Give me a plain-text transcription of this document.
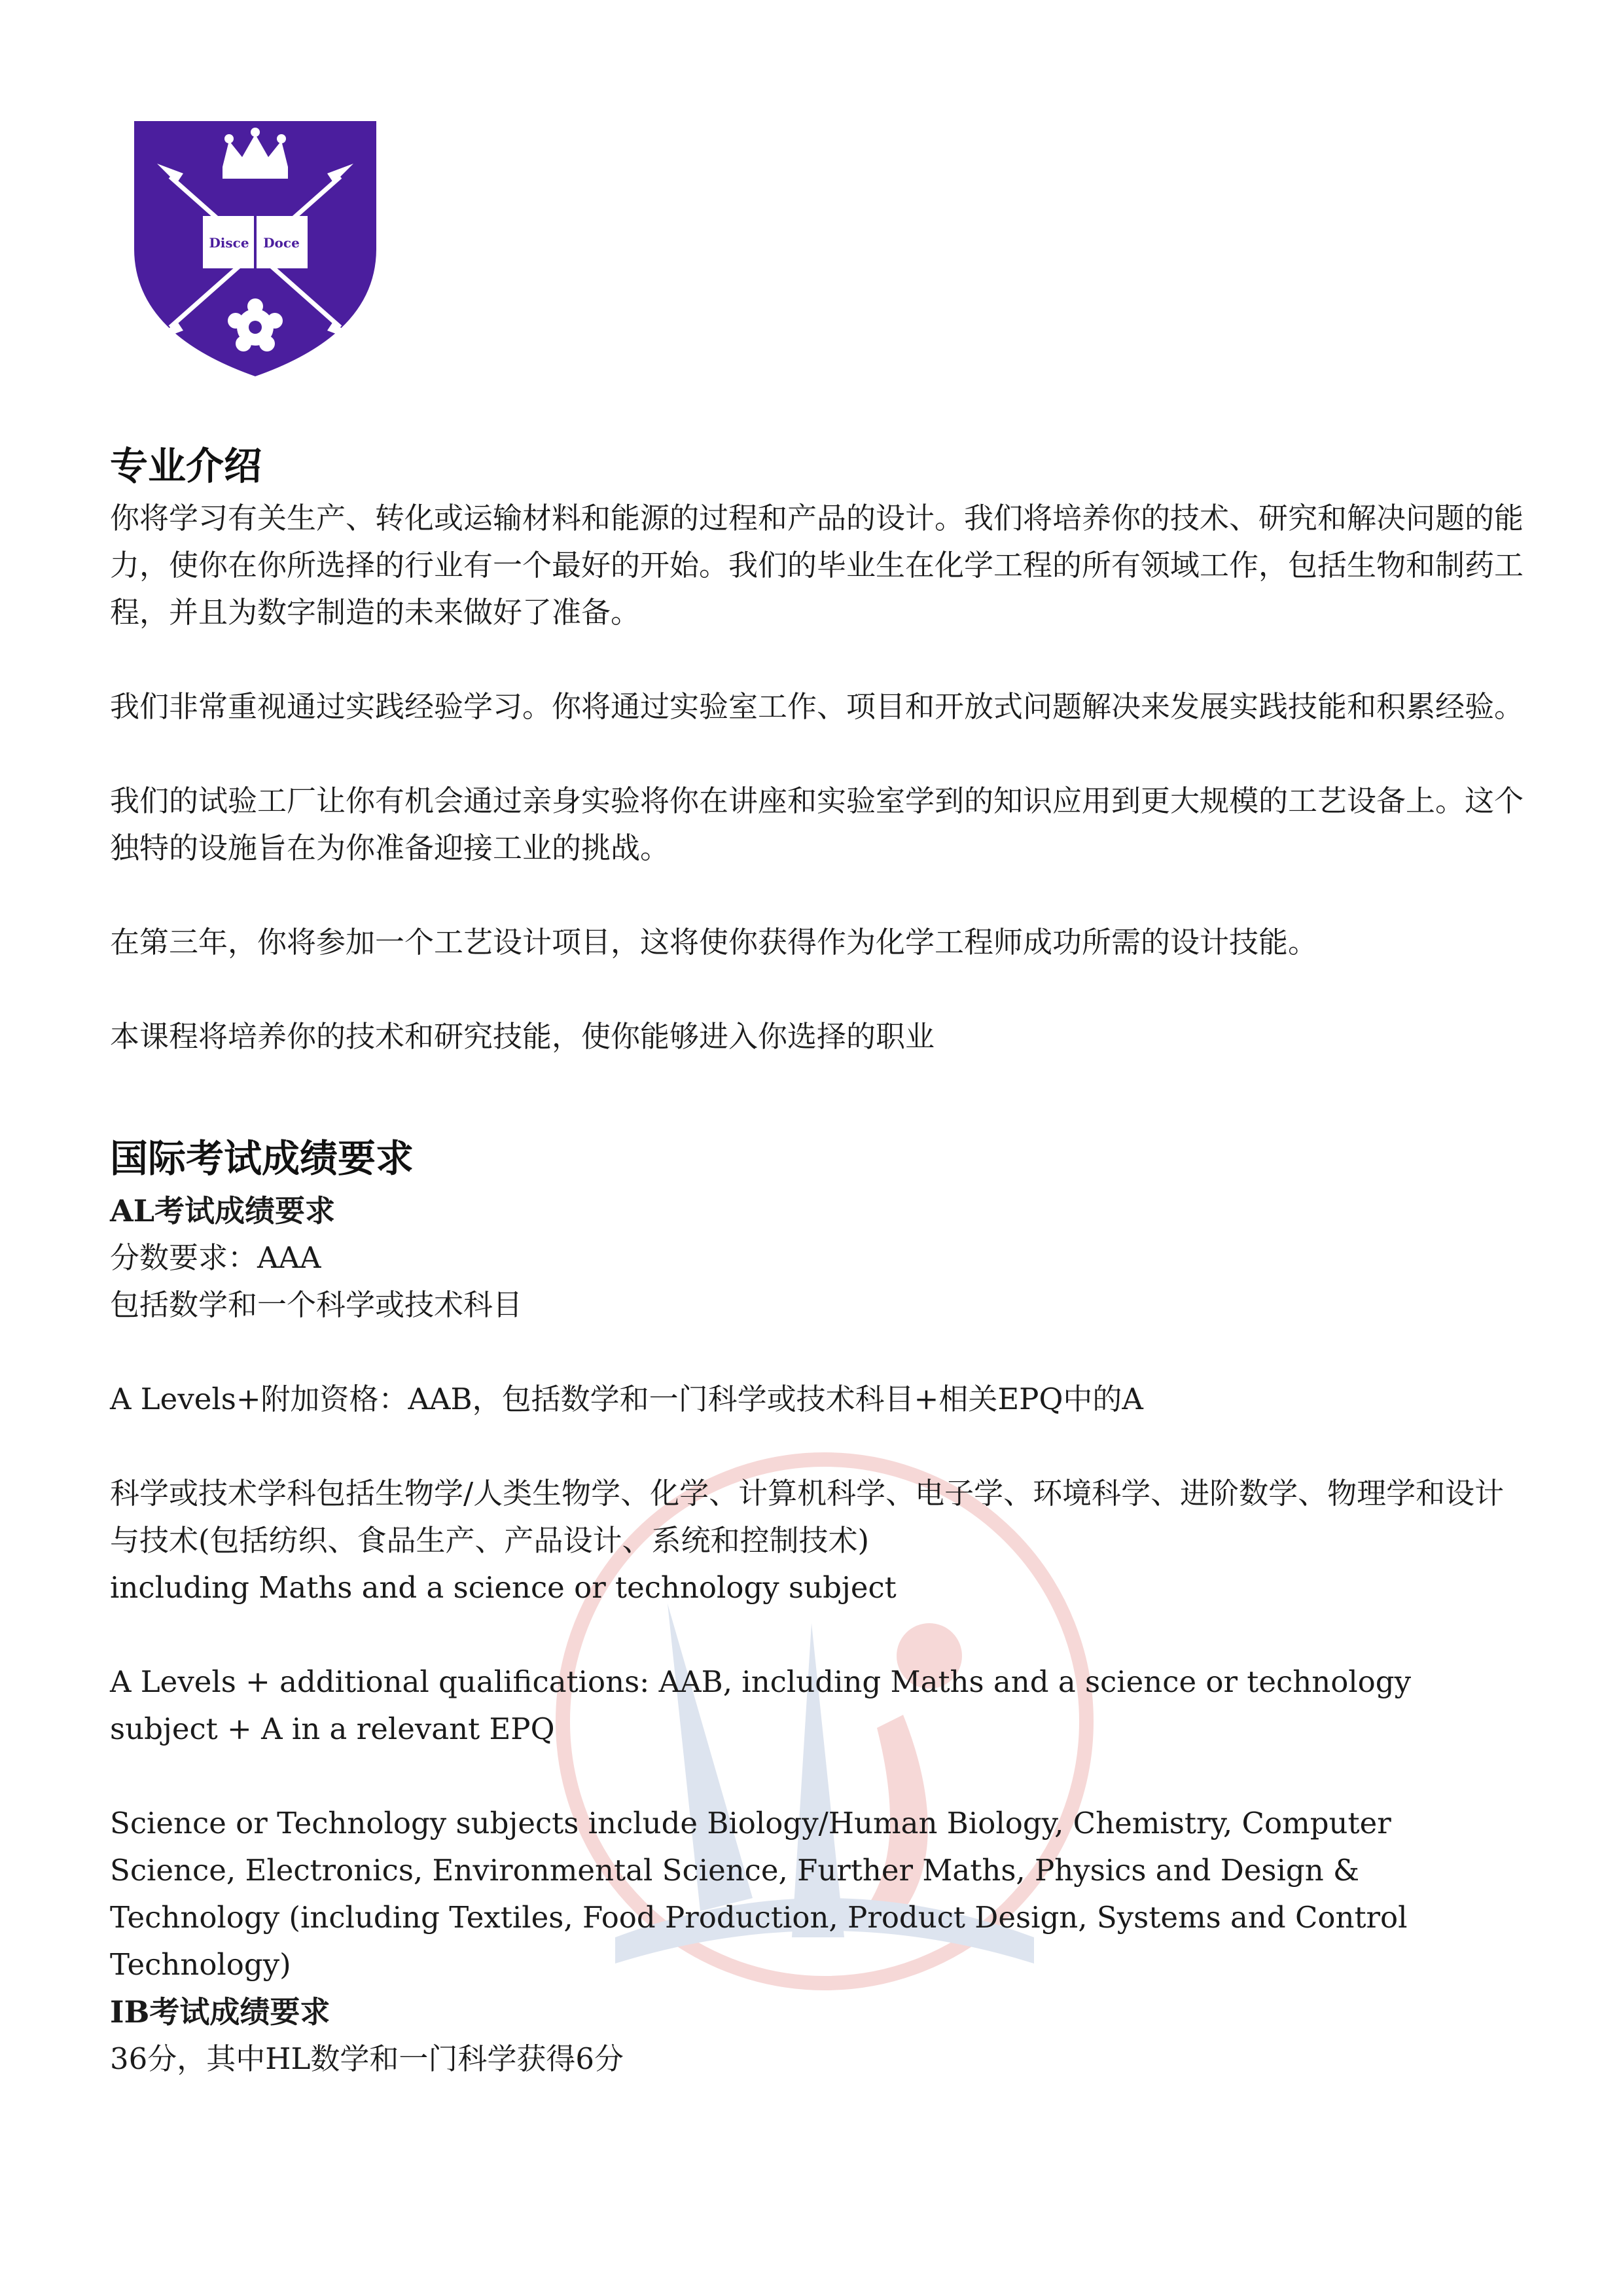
Disce Doce
专业介绍

你将学习有关生产、转化或运输材料和能源的过程和产品的设计。我们将培养你的技术、研究和解决问题的能力，使你在你所选择的行业有一个最好的开始。我们的毕业生在化学工程的所有领域工作，包括生物和制药工程，并且为数字制造的未来做好了准备。

我们非常重视通过实践经验学习。你将通过实验室工作、项目和开放式问题解决来发展实践技能和积累经验。

我们的试验工厂让你有机会通过亲身实验将你在讲座和实验室学到的知识应用到更大规模的工艺设备上。这个独特的设施旨在为你准备迎接工业的挑战。

在第三年，你将参加一个工艺设计项目，这将使你获得作为化学工程师成功所需的设计技能。

本课程将培养你的技术和研究技能，使你能够进入你选择的职业

国际考试成绩要求

AL考试成绩要求

分数要求：AAA

包括数学和一个科学或技术科目

A Levels+附加资格：AAB，包括数学和一门科学或技术科目+相关EPQ中的A

科学或技术学科包括生物学/人类生物学、化学、计算机科学、电子学、环境科学、进阶数学、物理学和设计与技术(包括纺织、食品生产、产品设计、系统和控制技术)

including Maths and a science or technology subject

A Levels + additional qualifications: AAB, including Maths and a science or technology subject + A in a relevant EPQ

Science or Technology subjects include Biology/Human Biology, Chemistry, Computer Science, Electronics, Environmental Science, Further Maths, Physics and Design & Technology (including Textiles, Food Production, Product Design, Systems and Control Technology)

IB考试成绩要求

36分，其中HL数学和一门科学获得6分
